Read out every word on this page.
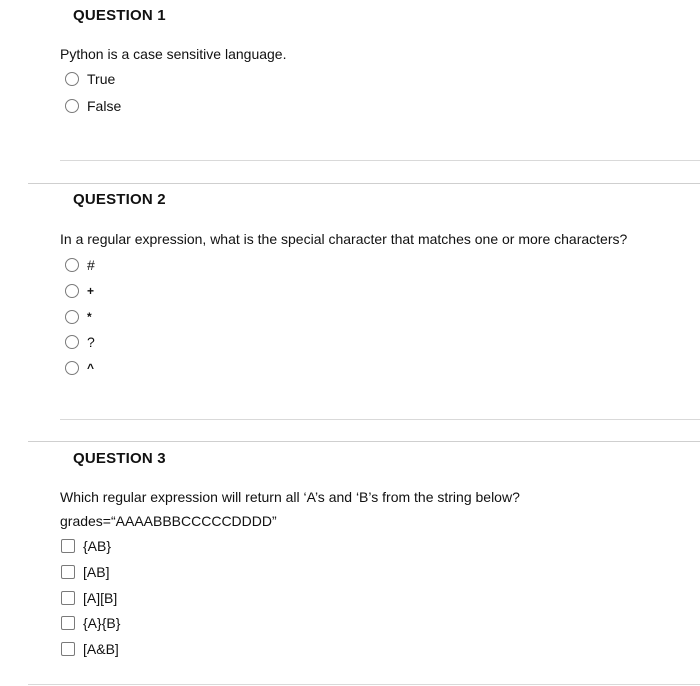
QUESTION 1
Python is a case sensitive language.
True
False
QUESTION 2
In a regular expression, what is the special character that matches one or more characters?
#
+
*
?
^
QUESTION 3
Which regular expression will return all ‘A’s and ‘B’s from the string below?
grades=“AAAABBBCCCCCDDDD”
{AB}
[AB]
[A][B]
{A}{B}
[A&B]
